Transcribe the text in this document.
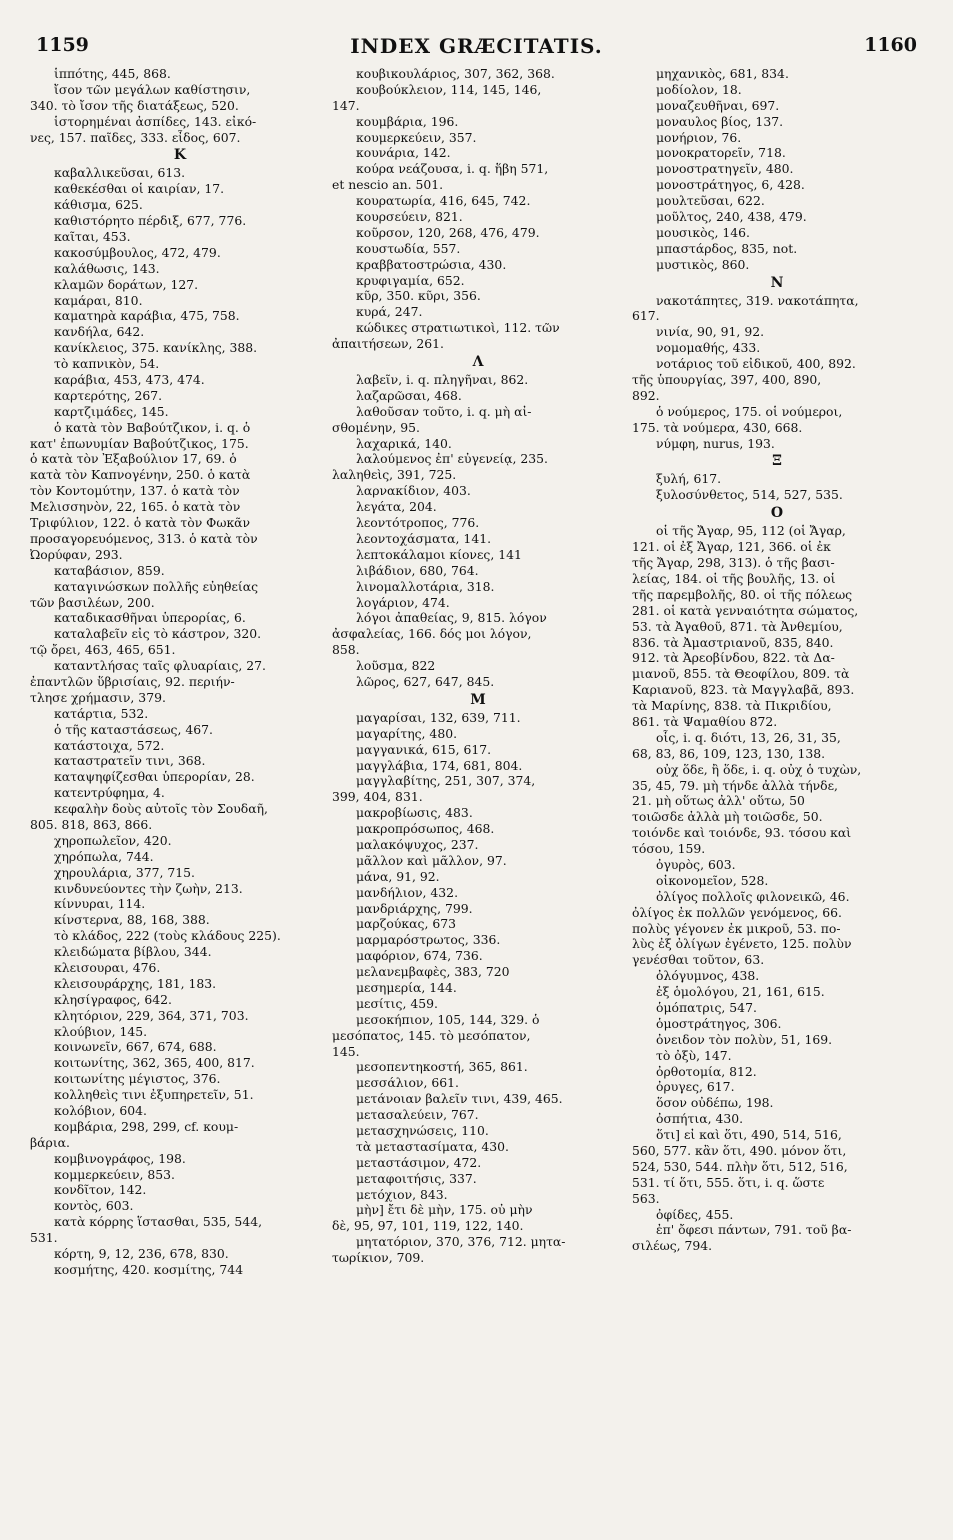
1159	INDEX GRÆCITATIS.	1160
ἱππότης, 445, 868.
ἴσον τῶν μεγάλων καθίστησιν,
340. τὸ ἴσον τῆς διατάξεως, 520.
ἱστορημέναι ἀσπίδες, 143. εἰκό-
νες, 157. παῖδες, 333. εἶδος, 607.
K
καβαλλικεῦσαι, 613.
καθεκέσθαι οἱ καιρίαν, 17.
κάθισμα, 625.
καθιστόρητο πέρδιξ, 677, 776.
καῖται, 453.
κακοσύμβουλος, 472, 479.
καλάθωσις, 143.
κλαμῶν δοράτων, 127.
καμάραι, 810.
καματηρὰ καράβια, 475, 758.
κανδήλα, 642.
κανίκλειος, 375. κανίκλης, 388.
τὸ καπνικὸν, 54.
καράβια, 453, 473, 474.
καρτερότης, 267.
καρτζιμάδες, 145.
ὁ κατὰ τὸν Βαβούτζικον, i. q. ὁ
κατ' ἐπωνυμίαν Βαβούτζικος, 175.
ὁ κατὰ τὸν Ἐξαβούλιον 17, 69. ὁ
κατὰ τὸν Καπνογένην, 250. ὁ κατὰ
τὸν Κοντομύτην, 137. ὁ κατὰ τὸν
Μελισσηνὸν, 22, 165. ὁ κατὰ τὸν
Τριφύλιον, 122. ὁ κατὰ τὸν Φωκᾶν
προσαγορευόμενος, 313. ὁ κατὰ τὸν
Ὠορύφαν, 293.
καταβάσιον, 859.
καταγινώσκων πολλῆς εὐηθείας
τῶν βασιλέων, 200.
καταδικασθῆναι ὑπερορίας, 6.
καταλαβεῖν εἰς τὸ κάστρον, 320.
τῷ ὄρει, 463, 465, 651.
καταντλήσας ταῖς φλυαρίαις, 27.
ἐπαντλῶν ὕβρισίαις, 92. περιήν-
τλησε χρήμασιν, 379.
κατάρτια, 532.
ὁ τῆς καταστάσεως, 467.
κατάστοιχα, 572.
καταστρατεῖν τινι, 368.
καταψηφίζεσθαι ὑπερορίαν, 28.
κατεντρύφημα, 4.
κεφαλὴν δοὺς αὐτοῖς τὸν Σουδαῆ,
805. 818, 863, 866.
χηροπωλεῖον, 420.
χηρόπωλα, 744.
χηρουλάρια, 377, 715.
κινδυνεύοντες τὴν ζωὴν, 213.
κίννυραι, 114.
κίνστερνα, 88, 168, 388.
τὸ κλάδος, 222 (τοὺς κλάδους 225).
κλειδώματα βίβλου, 344.
κλεισουραι, 476.
κλεισουράρχης, 181, 183.
κλησίγραφος, 642.
κλητόριον, 229, 364, 371, 703.
κλούβιον, 145.
κοινωνεῖν, 667, 674, 688.
κοιτωνίτης, 362, 365, 400, 817.
κοιτωνίτης μέγιστος, 376.
κολληθεὶς τινι ἐξυπηρετεῖν, 51.
κολόβιον, 604.
κομβάρια, 298, 299, cf. κουμ-
βάρια.
κομβινογράφος, 198.
κομμερκεύειν, 853.
κονδῖτον, 142.
κοντὸς, 603.
κατὰ κόρρης ἵστασθαι, 535, 544,
531.
κόρτη, 9, 12, 236, 678, 830.
κοσμήτης, 420. κοσμίτης, 744
κουβικουλάριος, 307, 362, 368.
κουβούκλειον, 114, 145, 146,
147.
κουμβάρια, 196.
κουμερκεύειν, 357.
κουνάρια, 142.
κούρα νεάζουσα, i. q. ἥβη 571,
et nescio an. 501.
κουρατωρία, 416, 645, 742.
κουρσεύειν, 821.
κοῦρσον, 120, 268, 476, 479.
κουστωδία, 557.
κραββατοστρώσια, 430.
κρυφιγαμία, 652.
κῦρ, 350. κῦρι, 356.
κυρά, 247.
κώδικες στρατιωτικοὶ, 112. τῶν
ἀπαιτήσεων, 261.
Λ
λαβεῖν, i. q. πληγῆναι, 862.
λαζαρῶσαι, 468.
λαθοῦσαν τοῦτο, i. q. μὴ αἰ-
σθομένην, 95.
λαχαρικά, 140.
λαλούμενος ἐπ' εὐγενείᾳ, 235.
λαληθεὶς, 391, 725.
λαρνακίδιον, 403.
λεγάτα, 204.
λεοντότροπος, 776.
λεοντοχάσματα, 141.
λεπτοκάλαμοι κίονες, 141
λιβάδιον, 680, 764.
λινομαλλοτάρια, 318.
λογάριον, 474.
λόγοι ἀπαθείας, 9, 815. λόγον
ἀσφαλείας, 166. δός μοι λόγον,
858.
λοῦσμα, 822
λῶρος, 627, 647, 845.
Μ
μαγαρίσαι, 132, 639, 711.
μαγαρίτης, 480.
μαγγανικά, 615, 617.
μαγγλάβια, 174, 681, 804.
μαγγλαβίτης, 251, 307, 374,
399, 404, 831.
μακροβίωσις, 483.
μακροπρόσωπος, 468.
μαλακόψυχος, 237.
μᾶλλον καὶ μᾶλλον, 97.
μάνα, 91, 92.
μανδήλιον, 432.
μανδριάρχης, 799.
μαρζούκας, 673
μαρμαρόστρωτος, 336.
μαφόριον, 674, 736.
μελανεμβαφὲς, 383, 720
μεσημερία, 144.
μεσίτις, 459.
μεσοκήπιον, 105, 144, 329. ὁ
μεσόπατος, 145. τὸ μεσόπατον,
145.
μεσοπεντηκοστή, 365, 861.
μεσσάλιον, 661.
μετάνοιαν βαλεῖν τινι, 439, 465.
μετασαλεύειν, 767.
μετασχηνώσεις, 110.
τὰ μεταστασίματα, 430.
μεταστάσιμον, 472.
μεταφοιτήσις, 337.
μετόχιον, 843.
μὴν] ἔτι δὲ μὴν, 175. οὐ μὴν
δὲ, 95, 97, 101, 119, 122, 140.
μητατόριον, 370, 376, 712. μητα-
τωρίκιον, 709.
μηχανικὸς, 681, 834.
μοδίολον, 18.
μοναζευθῆναι, 697.
μοναυλος βίος, 137.
μονήριον, 76.
μονοκρατορεῖν, 718.
μονοστρατηγεῖν, 480.
μονοστράτηγος, 6, 428.
μουλτεῦσαι, 622.
μοῦλτος, 240, 438, 479.
μουσικὸς, 146.
μπαστάρδος, 835, not.
μυστικὸς, 860.
Ν
νακοτάπητες, 319. νακοτάπητα,
617.
νινία, 90, 91, 92.
νομομαθής, 433.
νοτάριος τοῦ εἰδικοῦ, 400, 892.
τῆς ὑπουργίας, 397, 400, 890,
892.
ὁ νούμερος, 175. οἱ νούμεροι,
175. τὰ νούμερα, 430, 668.
νύμφη, nurus, 193.
Ξ
ξυλή, 617.
ξυλοσύνθετος, 514, 527, 535.
Ο
οἱ τῆς Ἄγαρ, 95, 112 (οἱ Ἄγαρ,
121. οἱ ἐξ Ἄγαρ, 121, 366. οἱ ἐκ
τῆς Ἄγαρ, 298, 313). ὁ τῆς βασι-
λείας, 184. οἱ τῆς βουλῆς, 13. οἱ
τῆς παρεμβολῆς, 80. οἱ τῆς πόλεως
281. οἱ κατὰ γενναιότητα σώματος,
53. τὰ Ἀγαθοῦ, 871. τὰ Ἀνθεμίου,
836. τὰ Ἀμαστριανοῦ, 835, 840.
912. τὰ Ἀρεοβίνδου, 822. τὰ Δα-
μιανοῦ, 855. τὰ Θεοφίλου, 809. τὰ
Καριανοῦ, 823. τὰ Μαγγλαβᾶ, 893.
τὰ Μαρίνης, 838. τὰ Πικριδίου,
861. τὰ Ψαμαθίου 872.
οἷς, i. q. διότι, 13, 26, 31, 35,
68, 83, 86, 109, 123, 130, 138.
οὐχ ὅδε, ἢ ὅδε, i. q. οὐχ ὁ τυχὼν,
35, 45, 79. μὴ τήνδε ἀλλὰ τήνδε,
21. μὴ οὕτως ἀλλ' οὕτω, 50
τοιῶσδε ἀλλὰ μὴ τοιῶσδε, 50.
τοιόνδε καὶ τοιόνδε, 93. τόσου καὶ
τόσου, 159.
ὀγυρὸς, 603.
οἰκονομεῖον, 528.
ὀλίγος πολλοῖς φιλονεικῶ, 46.
ὀλίγος ἐκ πολλῶν γενόμενος, 66.
πολὺς γέγονεν ἐκ μικροῦ, 53. πο-
λὺς ἐξ ὀλίγων ἐγένετο, 125. πολὺν
γενέσθαι τοῦτον, 63.
ὀλόγυμνος, 438.
ἐξ ὁμολόγου, 21, 161, 615.
ὁμόπατρις, 547.
ὁμοστράτηγος, 306.
ὀνειδον τὸν πολὺν, 51, 169.
τὸ ὀξὺ, 147.
ὀρθοτομία, 812.
ὀρυγες, 617.
ὅσον οὐδέπω, 198.
ὀσπήτια, 430.
ὅτι] εἰ καὶ ὅτι, 490, 514, 516,
560, 577. κἂν ὅτι, 490. μόνον ὅτι,
524, 530, 544. πλὴν ὅτι, 512, 516,
531. τί ὅτι, 555. ὅτι, i. q. ὥστε
563.
ὀφίδες, 455.
ἐπ' ὄφεσι πάντων, 791. τοῦ βα-
σιλέως, 794.
